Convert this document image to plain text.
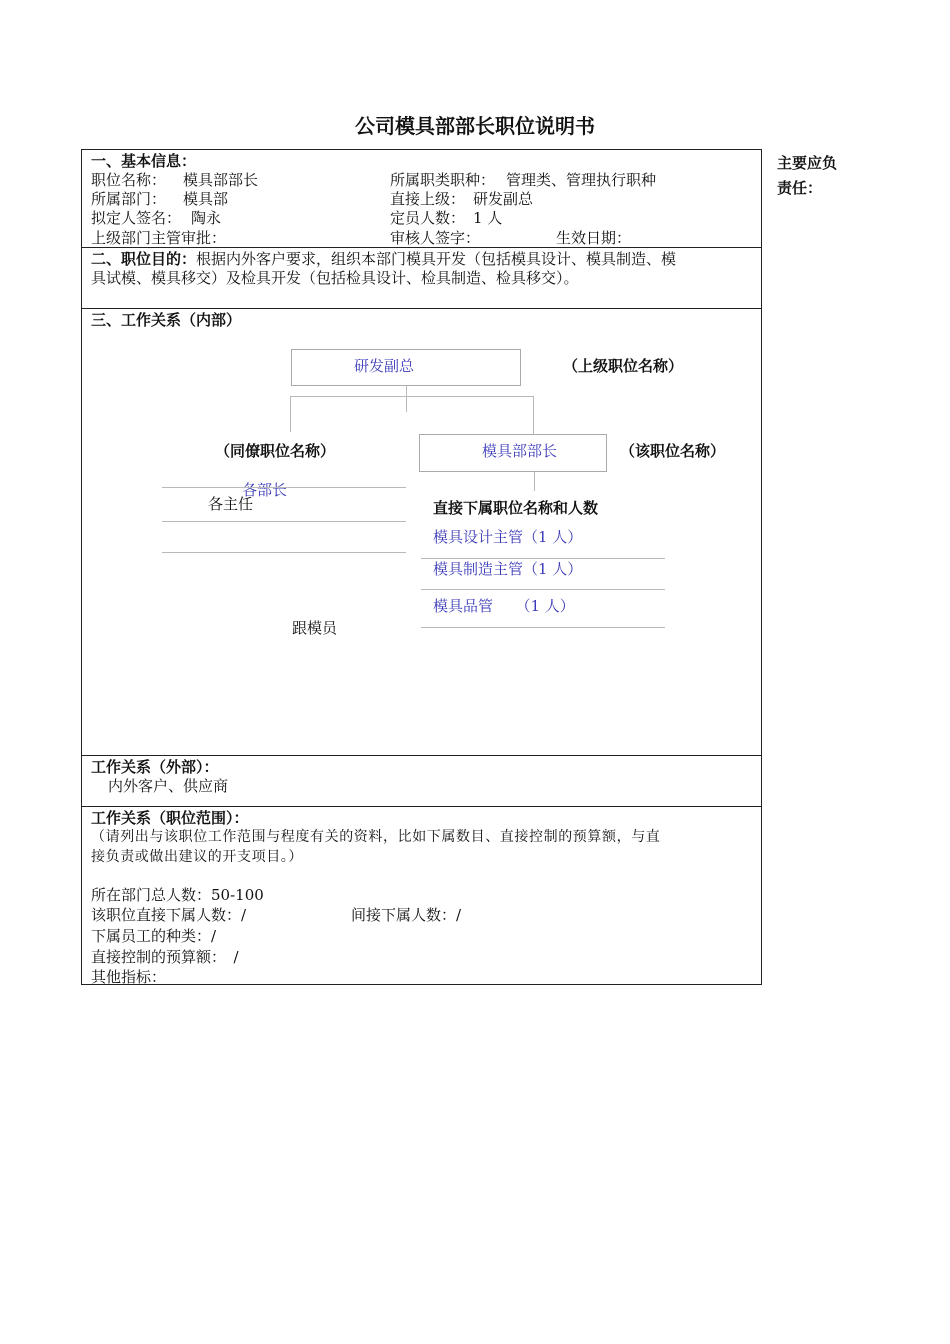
公司模具部部长职位说明书
主要应负
责任：
一、基本信息：
职位名称： 模具部部长	所属职类职种： 管理类、管理执行职种
所属部门： 模具部	直接上级： 研发副总
拟定人签名： 陶永	定员人数： 1 人
上级部门主管审批：	审核人签字：	生效日期：
二、职位目的：根据内外客户要求，组织本部门模具开发（包括模具设计、模具制造、模
具试模、模具移交）及检具开发（包括检具设计、检具制造、检具移交）。
三、工作关系（内部）
研发副总	（上级职位名称）
（同僚职位名称）	模具部部长	（该职位名称）
各部长
各主任
跟模员
直接下属职位名称和人数
模具设计主管（1 人）
模具制造主管（1 人）
模具品管　　（1 人）
工作关系（外部）：
内外客户、供应商
工作关系（职位范围）：
（请列出与该职位工作范围与程度有关的资料，比如下属数目、直接控制的预算额，与直
接负责或做出建议的开支项目。）
所在部门总人数：50-100
该职位直接下属人数：/	间接下属人数：/
下属员工的种类：/
直接控制的预算额：　/
其他指标：
